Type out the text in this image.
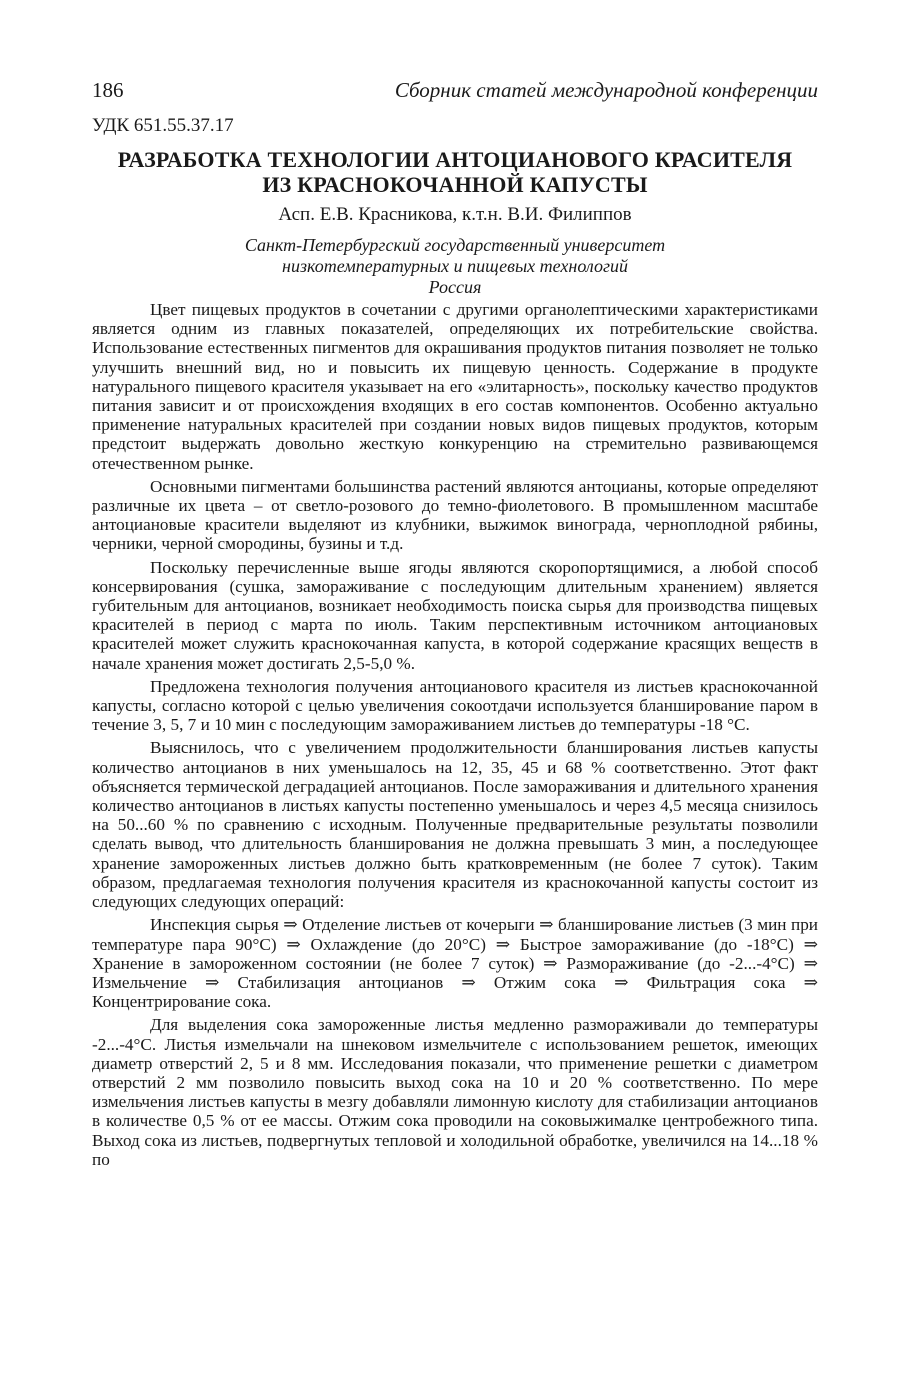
186	Сборник статей международной конференции
УДК 651.55.37.17
РАЗРАБОТКА ТЕХНОЛОГИИ АНТОЦИАНОВОГО КРАСИТЕЛЯ
ИЗ КРАСНОКОЧАННОЙ КАПУСТЫ
Асп. Е.В. Красникова, к.т.н. В.И. Филиппов
Санкт-Петербургский государственный университет
низкотемпературных и пищевых технологий
Россия

Цвет пищевых продуктов в сочетании с другими органолептическими характеристиками является одним из главных показателей, определяющих их потребительские свойства. Использование естественных пигментов для окрашивания продуктов питания позволяет не только улучшить внешний вид, но и повысить их пищевую ценность. Содержание в продукте натурального пищевого красителя указывает на его «элитарность», поскольку качество продуктов питания зависит и от происхождения входящих в его состав компонентов. Особенно актуально применение натуральных красителей при создании новых видов пищевых продуктов, которым предстоит выдержать довольно жесткую конкуренцию на стремительно развивающемся отечественном рынке.

Основными пигментами большинства растений являются антоцианы, которые определяют различные их цвета – от светло-розового до темно-фиолетового. В промышленном масштабе антоциановые красители выделяют из клубники, выжимок винограда, черноплодной рябины, черники, черной смородины, бузины и т.д.

Поскольку перечисленные выше ягоды являются скоропортящимися, а любой способ консервирования (сушка, замораживание с последующим длительным хранением) является губительным для антоцианов, возникает необходимость поиска сырья для производства пищевых красителей в период с марта по июль. Таким перспективным источником антоциановых красителей может служить краснокочанная капуста, в которой содержание красящих веществ в начале хранения может достигать 2,5-5,0 %.

Предложена технология получения антоцианового красителя из листьев краснокочанной капусты, согласно которой с целью увеличения сокоотдачи используется бланширование паром в течение 3, 5, 7 и 10 мин с последующим замораживанием листьев до температуры -18 °С.

Выяснилось, что с увеличением продолжительности бланширования листьев капусты количество антоцианов в них уменьшалось на 12, 35, 45 и 68 % соответственно. Этот факт объясняется термической деградацией антоцианов. После замораживания и длительного хранения количество антоцианов в листьях капусты постепенно уменьшалось и через 4,5 месяца снизилось на 50...60 % по сравнению с исходным. Полученные предварительные результаты позволили сделать вывод, что длительность бланширования не должна превышать 3 мин, а последующее хранение замороженных листьев должно быть кратковременным (не более 7 суток). Таким образом, предлагаемая технология получения красителя из краснокочанной капусты состоит из следующих следующих операций:

Инспекция сырья ⇒ Отделение листьев от кочерыги ⇒ бланширование листьев (3 мин при температуре пара 90°С) ⇒ Охлаждение (до 20°С) ⇒ Быстрое замораживание (до -18°С) ⇒ Хранение в замороженном состоянии (не более 7 суток) ⇒ Размораживание (до -2...-4°С) ⇒ Измельчение ⇒ Стабилизация антоцианов ⇒ Отжим сока ⇒ Фильтрация сока ⇒ Концентрирование сока.

Для выделения сока замороженные листья медленно размораживали до температуры -2...-4°С. Листья измельчали на шнековом измельчителе с использованием решеток, имеющих диаметр отверстий 2, 5 и 8 мм. Исследования показали, что применение решетки с диаметром отверстий 2 мм позволило повысить выход сока на 10 и 20 % соответственно. По мере измельчения листьев капусты в мезгу добавляли лимонную кислоту для стабилизации антоцианов в количестве 0,5 % от ее массы. Отжим сока проводили на соковыжималке центробежного типа. Выход сока из листьев, подвергнутых тепловой и холодильной обработке, увеличился на 14...18 % по
